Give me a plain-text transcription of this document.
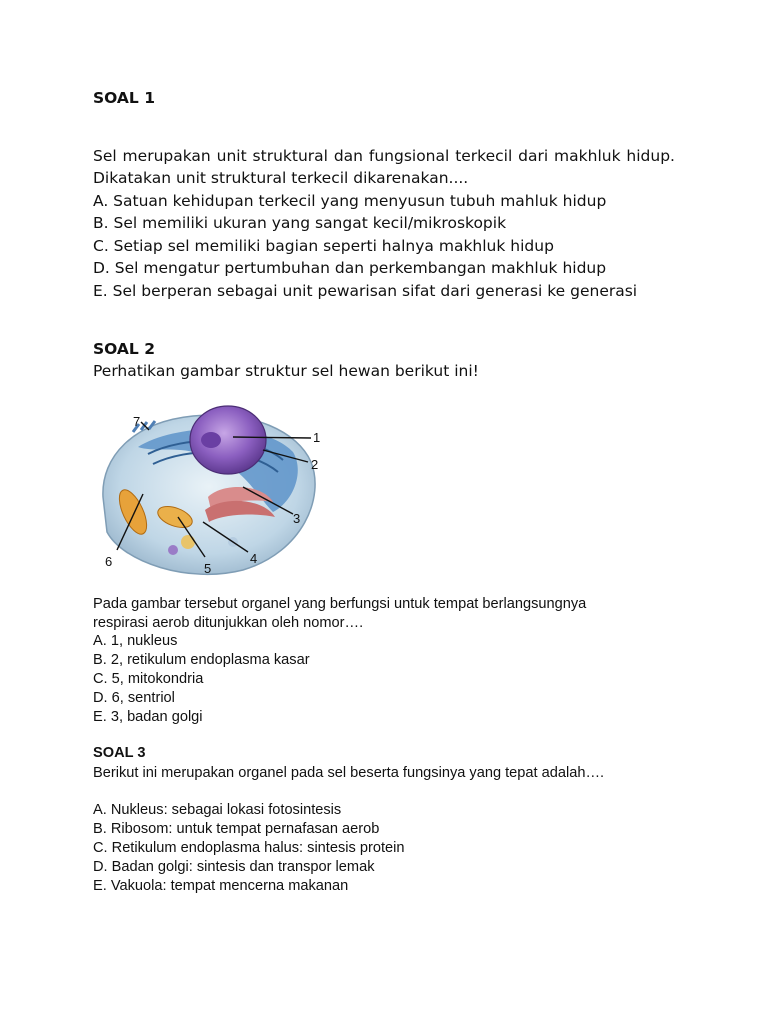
SOAL 1
Sel merupakan unit struktural dan fungsional terkecil dari makhluk hidup. Dikatakan unit struktural terkecil dikarenakan....
A. Satuan kehidupan terkecil yang menyusun tubuh mahluk hidup
B. Sel memiliki ukuran yang sangat kecil/mikroskopik
C. Setiap sel memiliki bagian seperti halnya makhluk hidup
D. Sel mengatur pertumbuhan dan perkembangan makhluk hidup
E. Sel berperan sebagai unit pewarisan sifat dari generasi ke generasi
SOAL 2
Perhatikan gambar struktur sel hewan berikut ini!
1
2
3
4
5
6
7
Pada gambar tersebut organel yang berfungsi untuk tempat berlangsungnya respirasi aerob ditunjukkan oleh nomor….
A. 1, nukleus
B. 2, retikulum endoplasma kasar
C. 5, mitokondria
D. 6, sentriol
E. 3, badan golgi
SOAL 3
Berikut ini merupakan organel pada sel beserta fungsinya yang tepat adalah….
A. Nukleus: sebagai lokasi fotosintesis
B. Ribosom: untuk tempat pernafasan aerob
C. Retikulum endoplasma halus: sintesis protein
D. Badan golgi: sintesis dan transpor lemak
E. Vakuola: tempat mencerna makanan
